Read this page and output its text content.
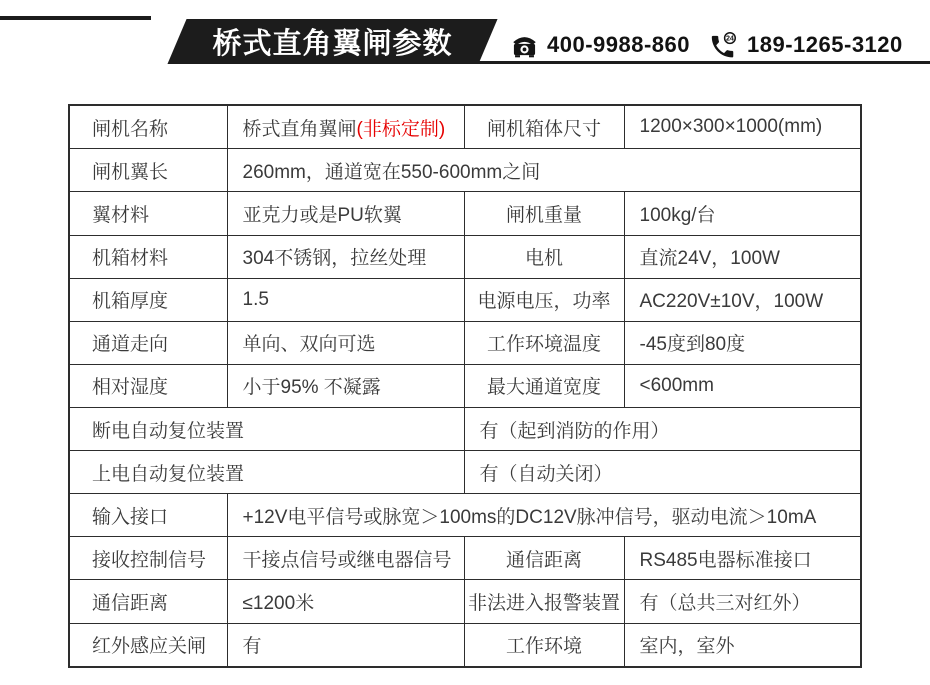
桥式直角翼闸参数	400-9988-860	24 189-1265-3120
闸机名称	桥式直角翼闸(非标定制)	闸机箱体尺寸	1200×300×1000(mm)
闸机翼长	260mm，通道宽在550-600mm之间		
翼材料	亚克力或是PU软翼	闸机重量	100kg/台
机箱材料	304不锈钢，拉丝处理	电机	直流24V，100W
机箱厚度	1.5	电源电压，功率	AC220V±10V，100W
通道走向	单向、双向可选	工作环境温度	-45度到80度
相对湿度	小于95% 不凝露	最大通道宽度	<600mm
断电自动复位装置		有（起到消防的作用）	
上电自动复位装置		有（自动关闭）	
输入接口	+12V电平信号或脉宽＞100ms的DC12V脉冲信号，驱动电流＞10mA		
接收控制信号	干接点信号或继电器信号	通信距离	RS485电器标准接口
通信距离	≤1200米	非法进入报警装置	有（总共三对红外）
红外感应关闸	有	工作环境	室内，室外
